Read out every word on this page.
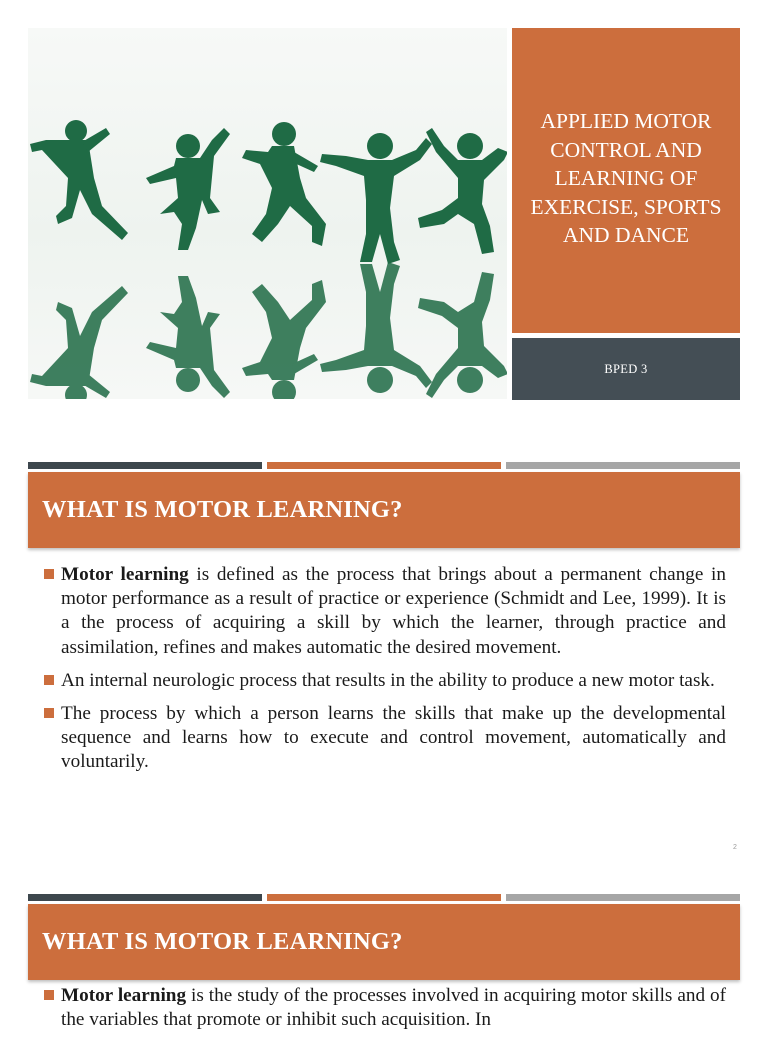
APPLIED MOTOR CONTROL AND LEARNING OF EXERCISE, SPORTS AND DANCE
BPED 3
WHAT IS MOTOR LEARNING?

Motor learning is defined as the process that brings about a permanent change in motor performance as a result of practice or experience (Schmidt and Lee, 1999). It is a the process of acquiring a skill by which the learner, through practice and assimilation, refines and makes automatic the desired movement.

An internal neurologic process that results in the ability to produce a new motor task.

The process by which a person learns the skills that make up the developmental sequence and learns how to execute and control movement, automatically and voluntarily.

2
WHAT IS MOTOR LEARNING?

Motor learning is the study of the processes involved in acquiring motor skills and of the variables that promote or inhibit such acquisition. In
